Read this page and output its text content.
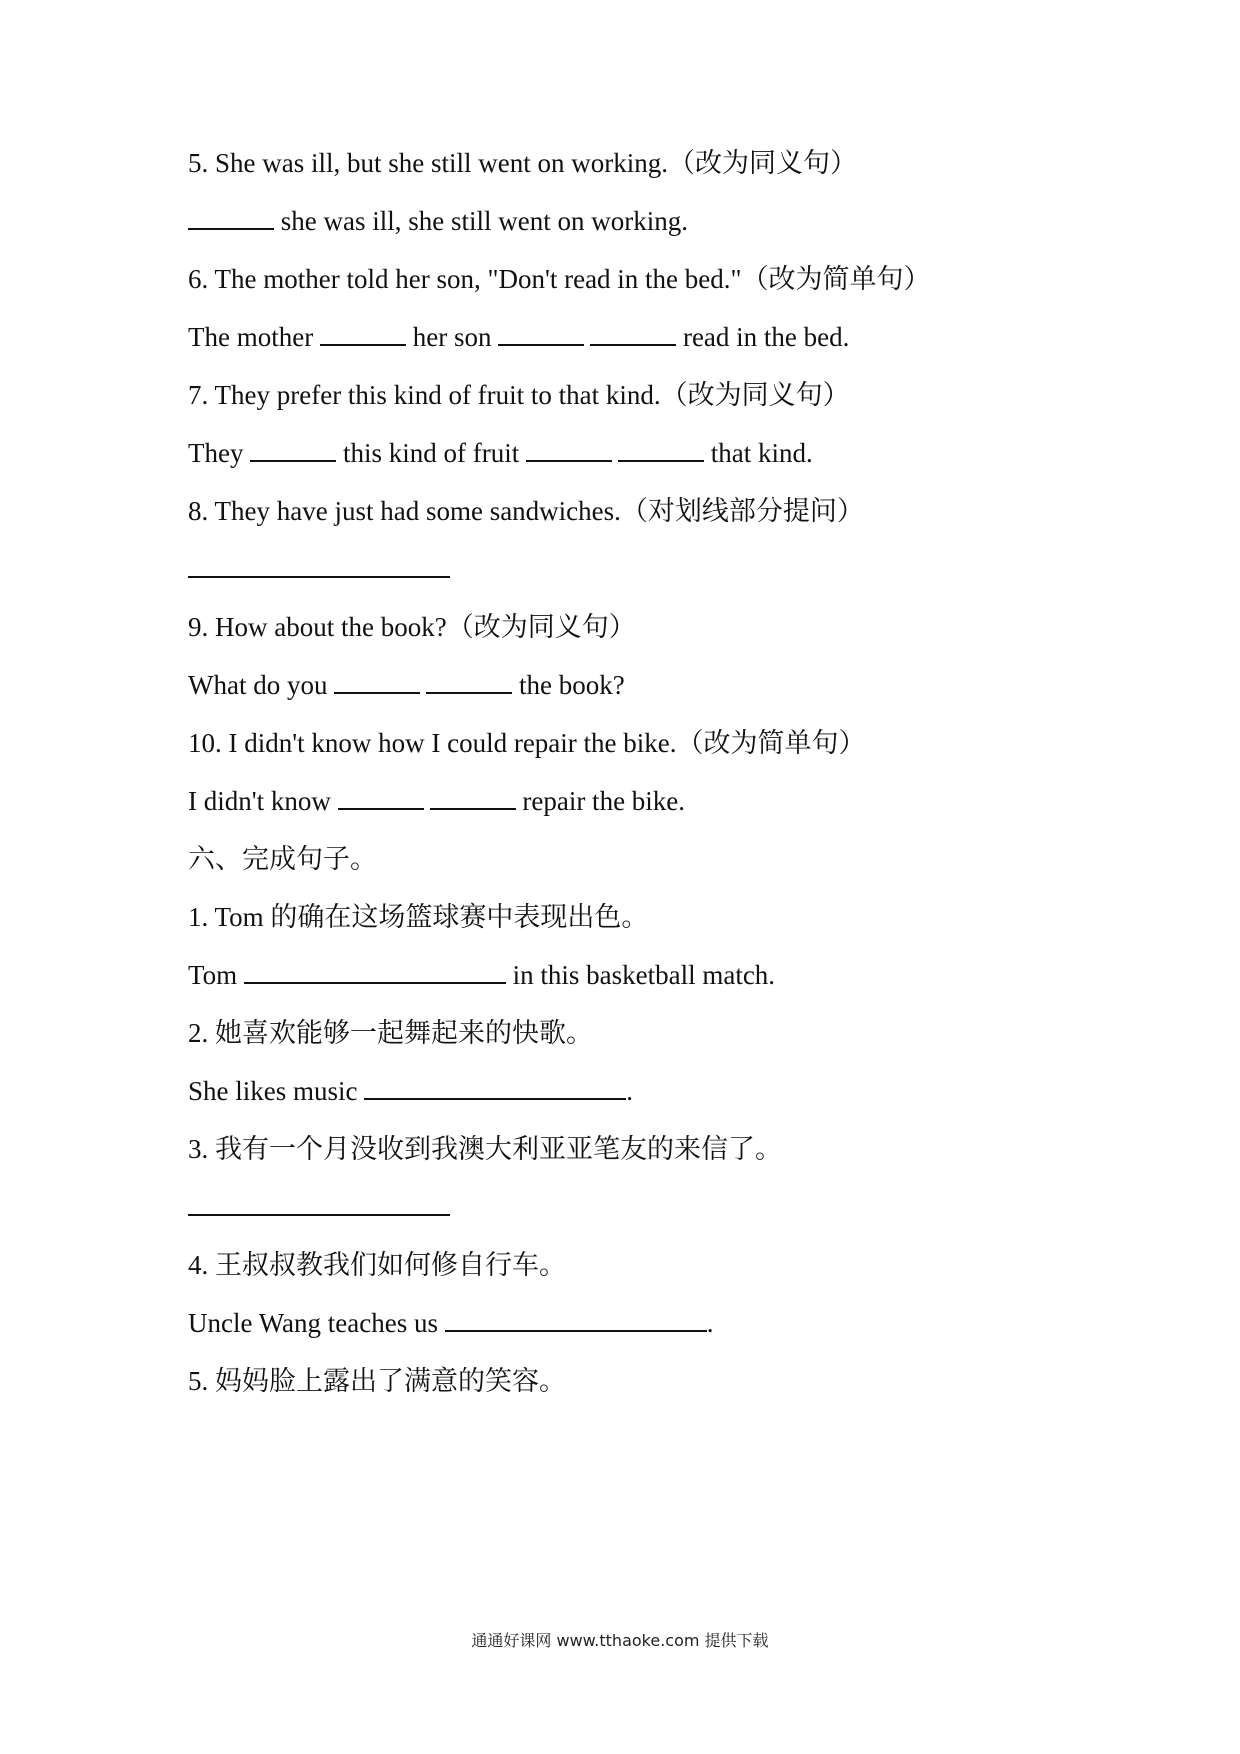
5. She was ill, but she still went on working.（改为同义句）
she was ill, she still went on working.
6. The mother told her son, "Don't read in the bed."（改为简单句）
The mother	her son	read in the bed.
7. They prefer this kind of fruit to that kind.（改为同义句）
They	this kind of fruit	that kind.
8. They have just had some sandwiches.（对划线部分提问）
9. How about the book?（改为同义句）
What do you	the book?
10. I didn't know how I could repair the bike.（改为简单句）
I didn't know	repair the bike.
六、完成句子。
1. Tom 的确在这场篮球赛中表现出色。
Tom	in this basketball match.
2. 她喜欢能够一起舞起来的快歌。
She likes music	.
3. 我有一个月没收到我澳大利亚亚笔友的来信了。
4. 王叔叔教我们如何修自行车。
Uncle Wang teaches us	.
5. 妈妈脸上露出了满意的笑容。
通通好课网 www.tthaoke.com 提供下载
